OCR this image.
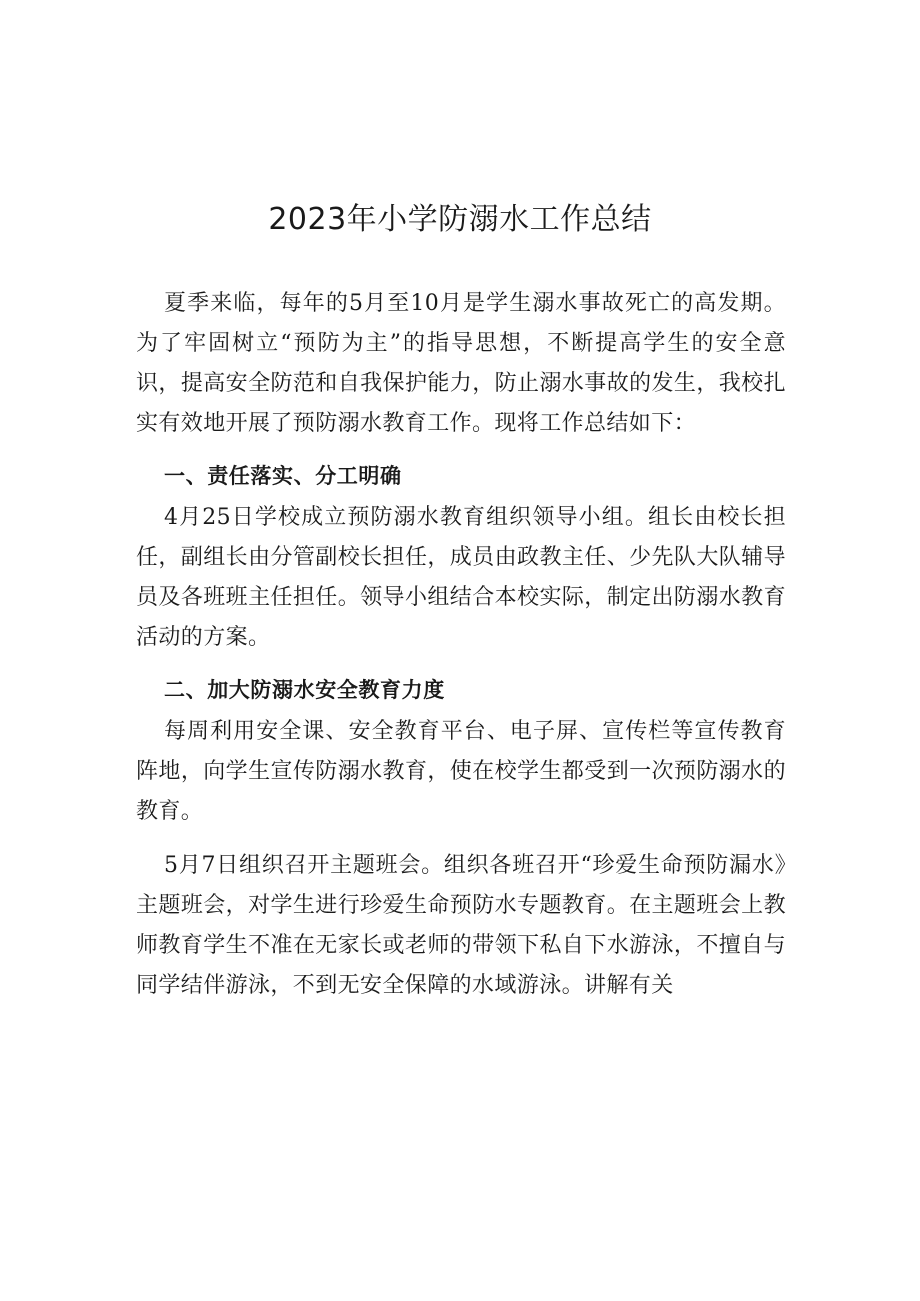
2023年小学防溺水工作总结

夏季来临，每年的5月至10月是学生溺水事故死亡的高发期。为了牢固树立“预防为主”的指导思想，不断提高学生的安全意识，提高安全防范和自我保护能力，防止溺水事故的发生，我校扎实有效地开展了预防溺水教育工作。现将工作总结如下：

一、责任落实、分工明确

4月25日学校成立预防溺水教育组织领导小组。组长由校长担任，副组长由分管副校长担任，成员由政教主任、少先队大队辅导员及各班班主任担任。领导小组结合本校实际，制定出防溺水教育活动的方案。

二、加大防溺水安全教育力度

每周利用安全课、安全教育平台、电子屏、宣传栏等宣传教育阵地，向学生宣传防溺水教育，使在校学生都受到一次预防溺水的教育。

5月7日组织召开主题班会。组织各班召开“珍爱生命预防漏水》主题班会，对学生进行珍爱生命预防水专题教育。在主题班会上教师教育学生不准在无家长或老师的带领下私自下水游泳，不擅自与同学结伴游泳，不到无安全保障的水域游泳。讲解有关
